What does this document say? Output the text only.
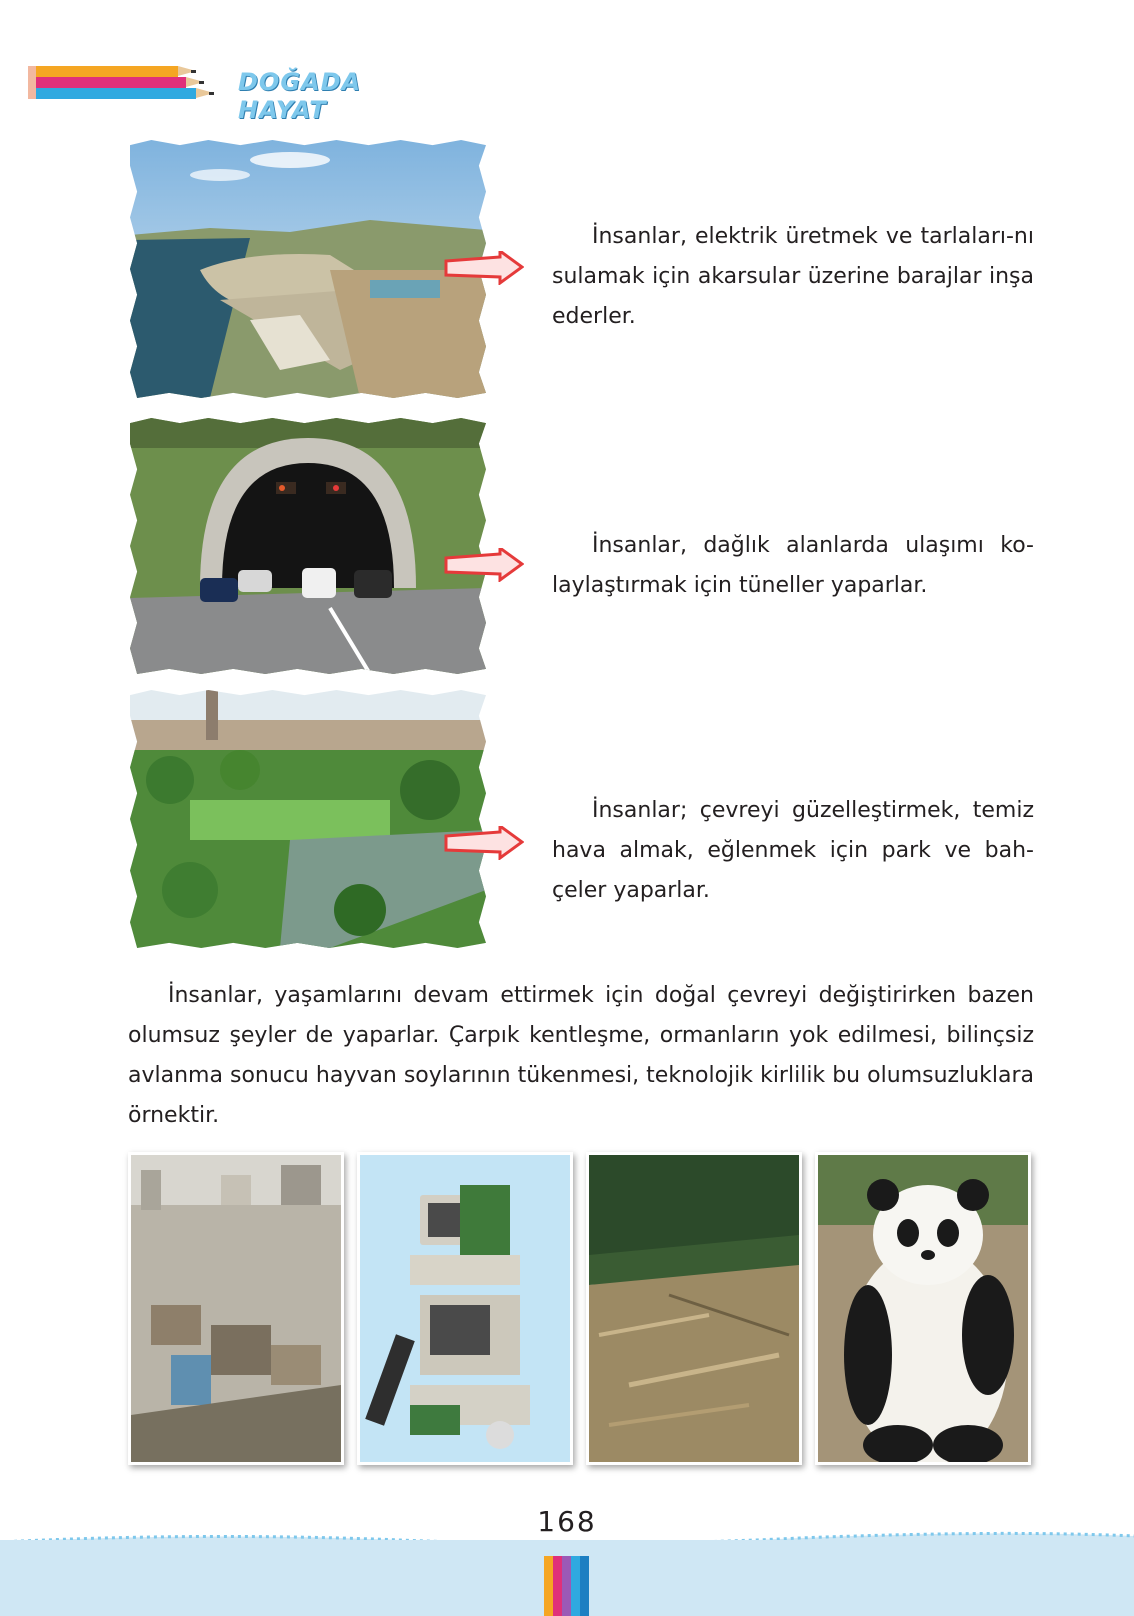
DOĞADA HAYAT
İnsanlar, elektrik üretmek ve tarlaları-nı sulamak için akarsular üzerine barajlar inşa ederler.
İnsanlar, dağlık alanlarda ulaşımı ko-laylaştırmak için tüneller yaparlar.
İnsanlar; çevreyi güzelleştirmek, temiz hava almak, eğlenmek için park ve bah-çeler yaparlar.
İnsanlar, yaşamlarını devam ettirmek için doğal çevreyi değiştirirken bazen olumsuz şeyler de yaparlar. Çarpık kentleşme, ormanların yok edilmesi, bilinçsiz avlanma sonucu hayvan soylarının tükenmesi, teknolojik kirlilik bu olumsuzluklara örnektir.
168
